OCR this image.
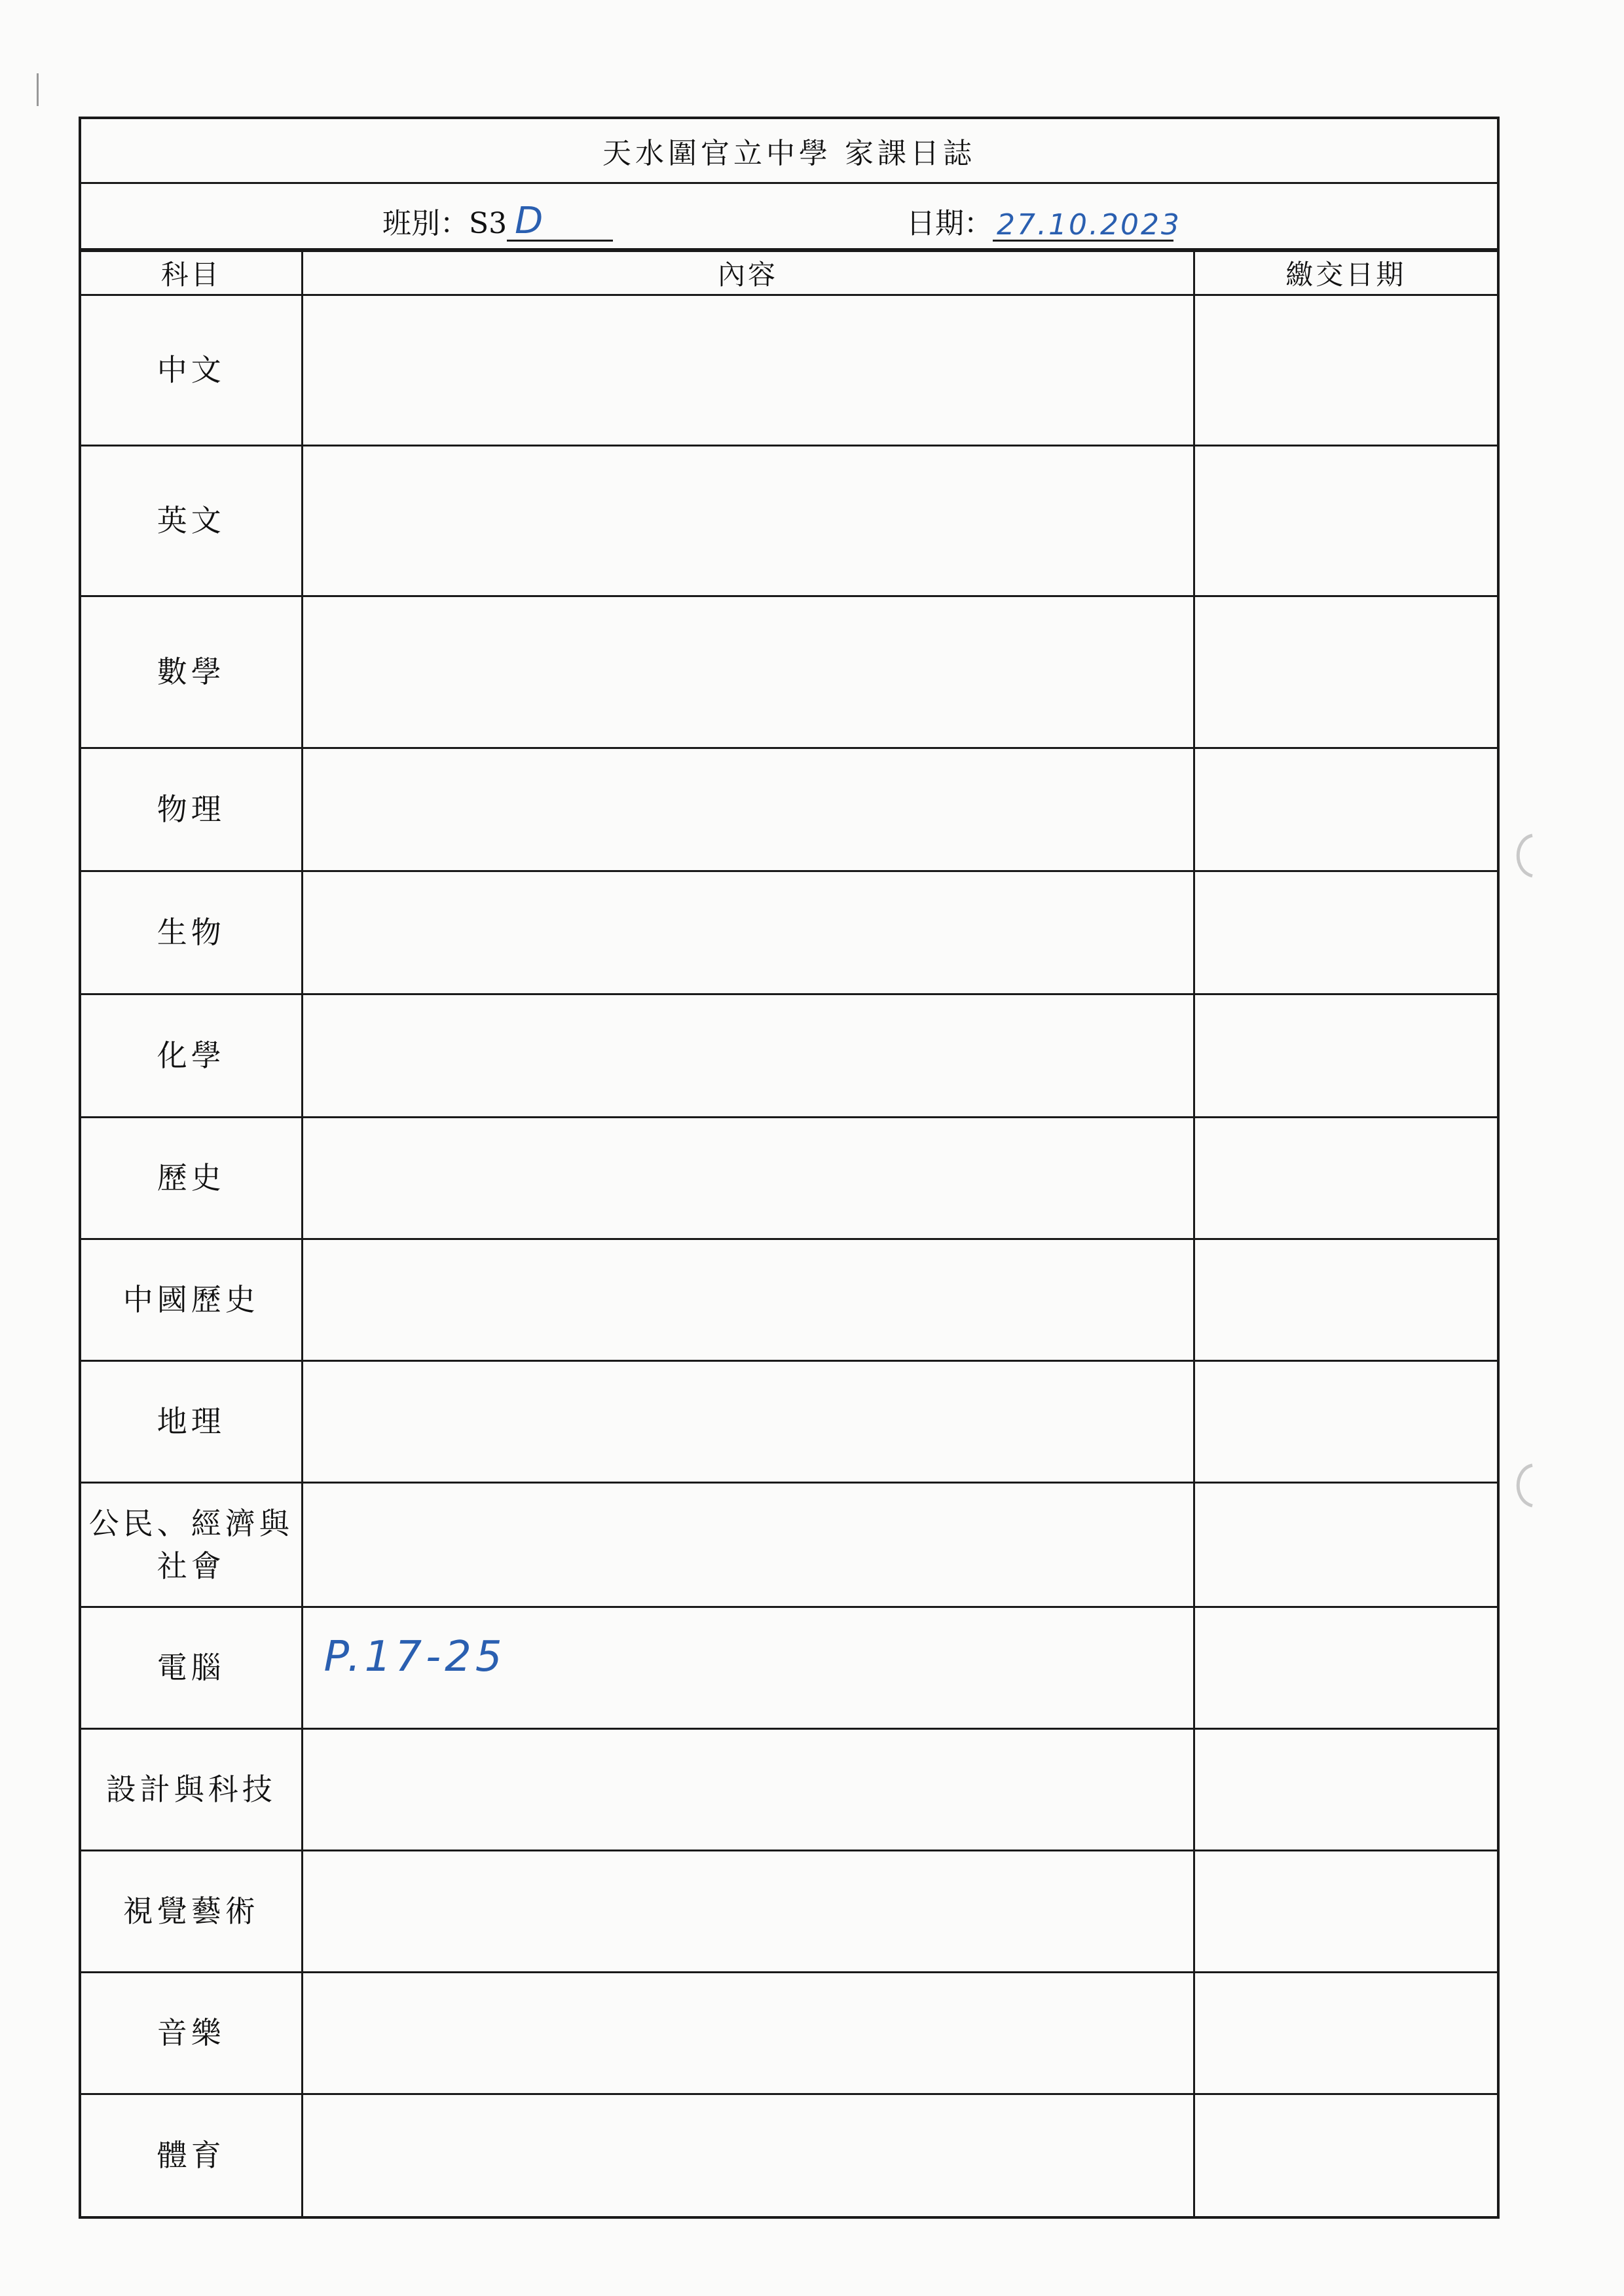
天水圍官立中學 家課日誌
班別：S3 D	日期： 27.10.2023
科目	內容	繳交日期
中文		
英文		
數學		
物理		
生物		
化學		
歷史		
中國歷史		
地理		
公民、經濟與社會		
電腦	P.17-25	
設計與科技		
視覺藝術		
音樂		
體育		
